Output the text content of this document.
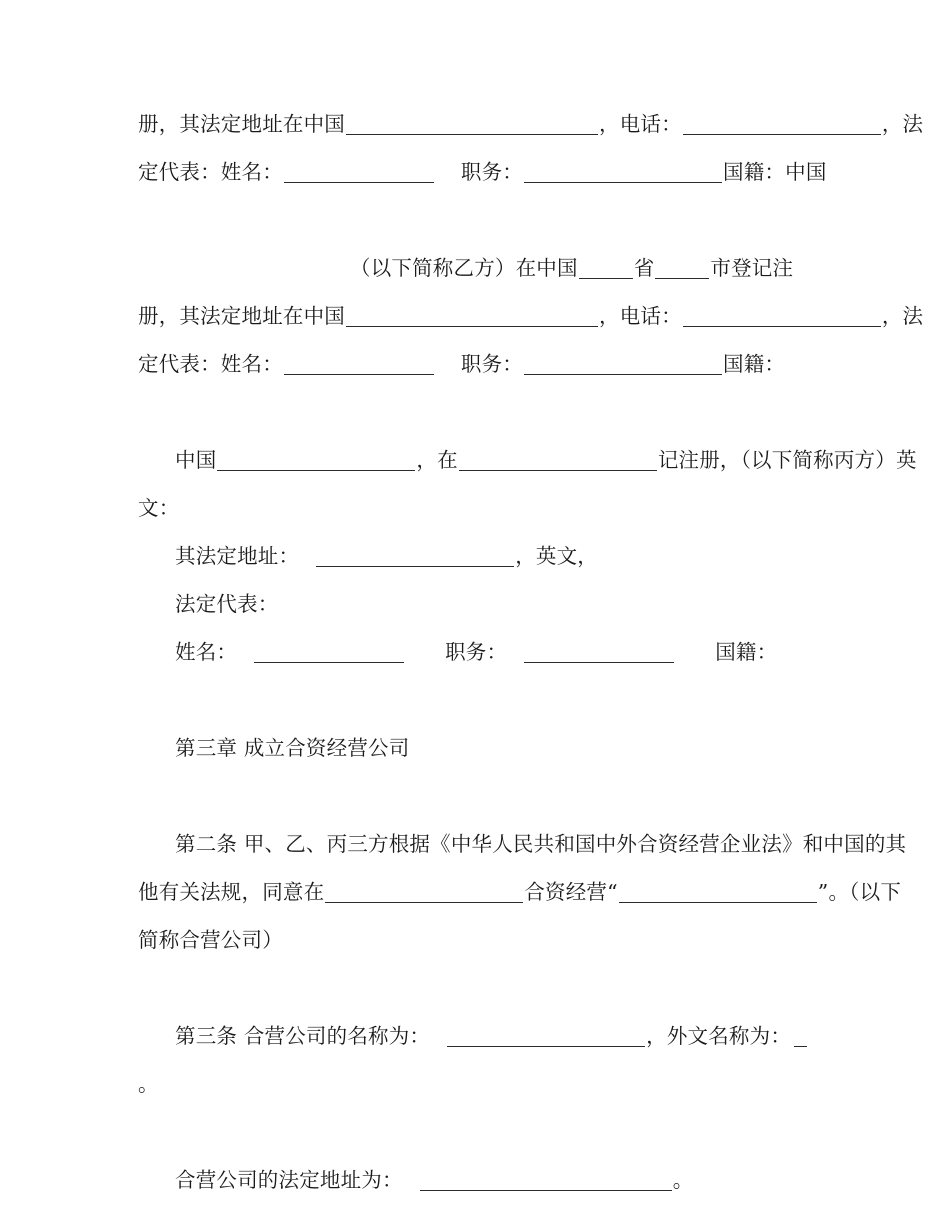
册，其法定地址在中国	，电话：	，法
定代表：姓名：	职务：	国籍：中国
（以下简称乙方）在中国	省	市登记注
册，其法定地址在中国	，电话：	，法
定代表：姓名：	职务：	国籍：
中国	，在	记注册，（以下简称丙方）英
文：
其法定地址：	，英文，
法定代表：
姓名：	职务：	国籍：
第三章 成立合资经营公司
第二条 甲、乙、丙三方根据《中华人民共和国中外合资经营企业法》和中国的其
他有关法规，同意在	合资经营“	”。（以下
简称合营公司）
第三条 合营公司的名称为：	，外文名称为：
。
合营公司的法定地址为：	。
